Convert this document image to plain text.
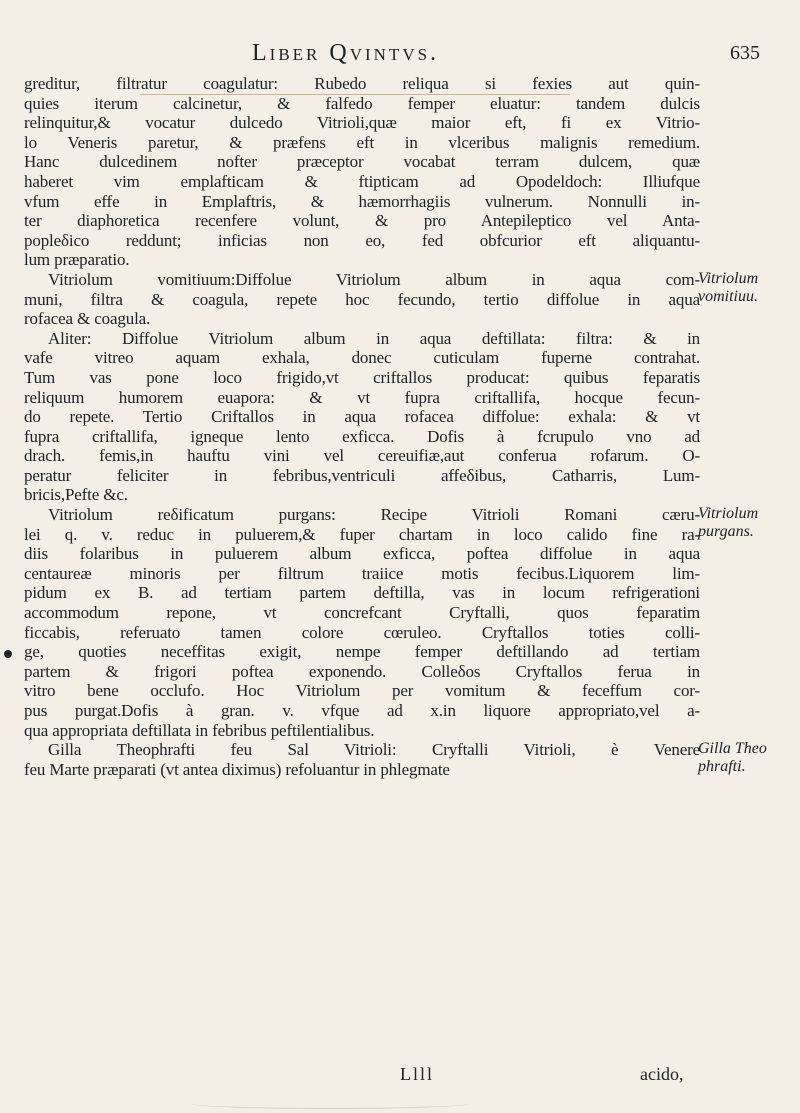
Liber Qvintvs.	635

greditur, filtratur coagulatur: Rubedo reliqua si fexies aut quin-

quies iterum calcinetur, & falfedo femper eluatur: tandem dulcis

relinquitur,& vocatur dulcedo Vitrioli,quæ maior eft, fi ex Vitrio-

lo Veneris paretur, & præfens eft in vlceribus malignis remedium.

Hanc dulcedinem nofter præceptor vocabat terram dulcem, quæ

haberet vim emplafticam & ftipticam ad Opodeldoch: Illiufque

vfum effe in Emplaftris, & hæmorrhagiis vulnerum. Nonnulli in-

ter diaphoretica recenfere volunt, & pro Antepileptico vel Anta-

popleδico reddunt; inficias non eo, fed obfcurior eft aliquantu-

lum præparatio.

Vitriolum vomitiuum:Diffolue Vitriolum album in aqua com-

muni, filtra & coagula, repete hoc fecundo, tertio diffolue in aqua

rofacea & coagula.

Aliter: Diffolue Vitriolum album in aqua deftillata: filtra: & in

vafe vitreo aquam exhala, donec cuticulam fuperne contrahat.

Tum vas pone loco frigido,vt criftallos producat: quibus feparatis

reliquum humorem euapora: & vt fupra criftallifa, hocque fecun-

do repete. Tertio Criftallos in aqua rofacea diffolue: exhala: & vt

fupra criftallifa, igneque lento exficca. Dofis à fcrupulo vno ad

drach. femis,in hauftu vini vel cereuifiæ,aut conferua rofarum. O-

peratur feliciter in febribus,ventriculi affeδibus, Catharris, Lum-

bricis,Pefte &c.

Vitriolum reδificatum purgans: Recipe Vitrioli Romani cæru-

lei q. v. reduc in puluerem,& fuper chartam in loco calido fine ra-

diis folaribus in puluerem album exficca, poftea diffolue in aqua

centaureæ minoris per filtrum traiice motis fecibus.Liquorem lim-

pidum ex B. ad tertiam partem deftilla, vas in locum refrigerationi

accommodum repone, vt concrefcant Cryftalli, quos feparatim

ficcabis, referuato tamen colore cœruleo. Cryftallos toties colli-

ge, quoties neceffitas exigit, nempe femper deftillando ad tertiam

partem & frigori poftea exponendo. Colleδos Cryftallos ferua in

vitro bene occlufo. Hoc Vitriolum per vomitum & feceffum cor-

pus purgat.Dofis à gran. v. vfque ad x.in liquore appropriato,vel a-

qua appropriata deftillata in febribus peftilentialibus.

Gilla Theophrafti feu Sal Vitrioli: Cryftalli Vitrioli, è Venere

feu Marte præparati (vt antea diximus) refoluantur in phlegmate

Vitriolum vomitiuu.
Vitriolum purgans.
Gilla Theo phrafti.
Llll	acido,
